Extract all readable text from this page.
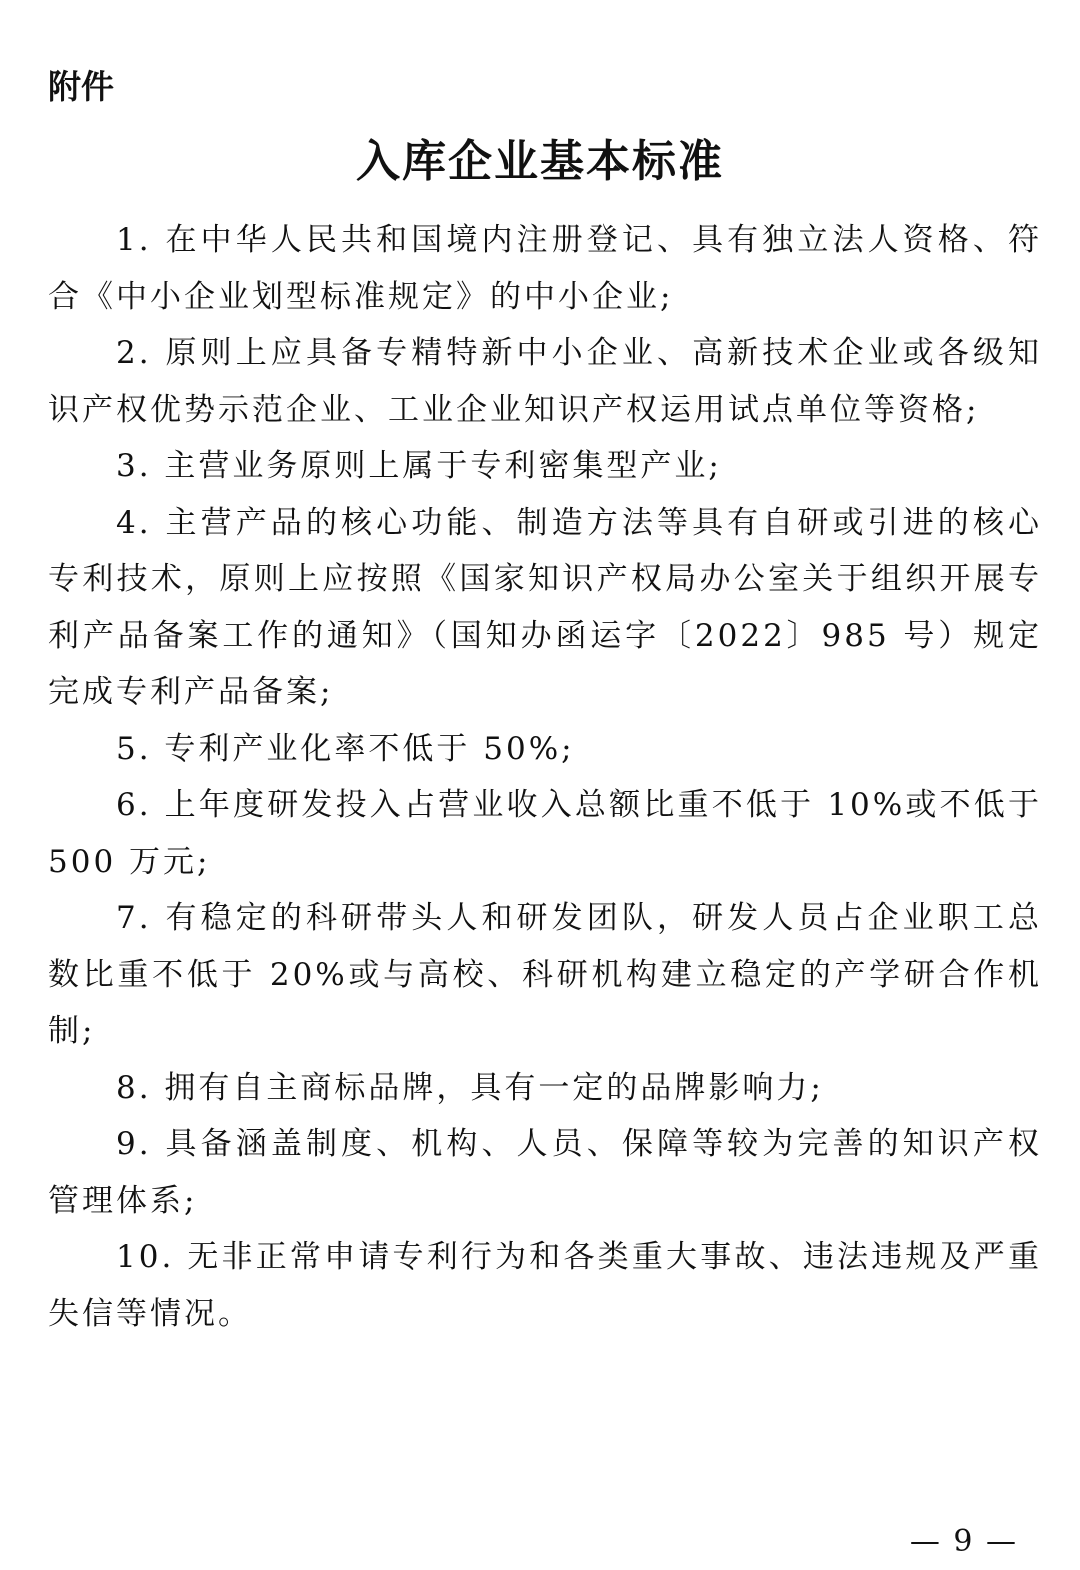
附件

入库企业基本标准
1. 在中华人民共和国境内注册登记、具有独立法人资格、符合《中小企业划型标准规定》的中小企业;
2. 原则上应具备专精特新中小企业、高新技术企业或各级知识产权优势示范企业、工业企业知识产权运用试点单位等资格;
3. 主营业务原则上属于专利密集型产业;
4. 主营产品的核心功能、制造方法等具有自研或引进的核心专利技术，原则上应按照《国家知识产权局办公室关于组织开展专利产品备案工作的通知》（国知办函运字〔2022〕985 号）规定完成专利产品备案;
5. 专利产业化率不低于 50%;
6. 上年度研发投入占营业收入总额比重不低于 10%或不低于 500 万元;
7. 有稳定的科研带头人和研发团队，研发人员占企业职工总数比重不低于 20%或与高校、科研机构建立稳定的产学研合作机制;
8. 拥有自主商标品牌，具有一定的品牌影响力;
9. 具备涵盖制度、机构、人员、保障等较为完善的知识产权管理体系;
10. 无非正常申请专利行为和各类重大事故、违法违规及严重失信等情况。

— 9 —
